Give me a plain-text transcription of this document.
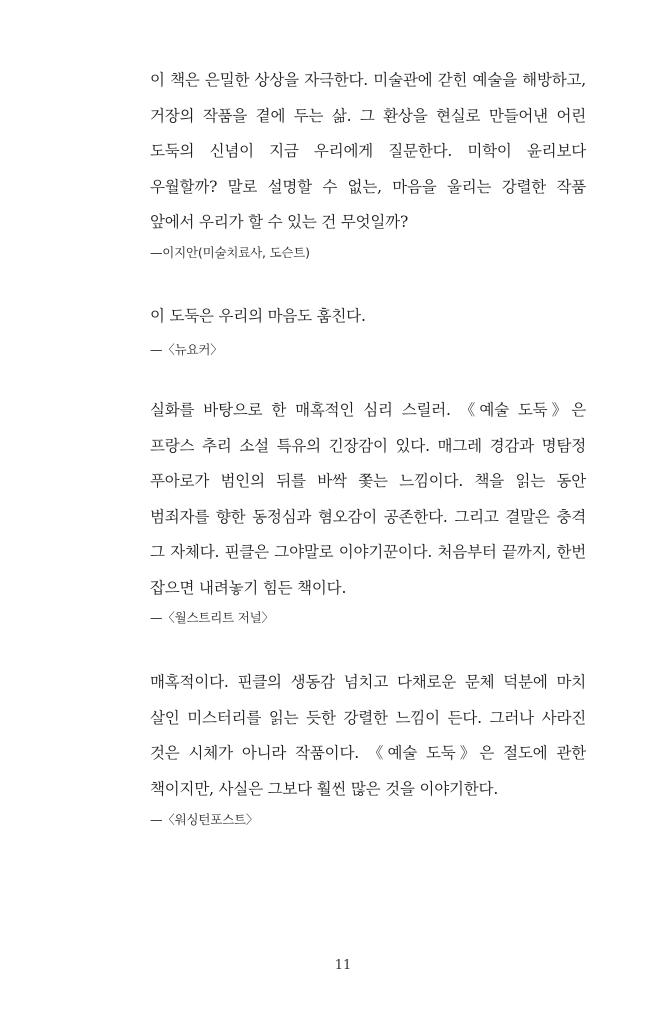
이 책은 은밀한 상상을 자극한다. 미술관에 갇힌 예술을 해방하고, 거장의 작품을 곁에 두는 삶. 그 환상을 현실로 만들어낸 어린 도둑의 신념이 지금 우리에게 질문한다. 미학이 윤리보다 우월할까? 말로 설명할 수 없는, 마음을 울리는 강렬한 작품 앞에서 우리가 할 수 있는 건 무엇일까?

—이지안(미술치료사, 도슨트)

이 도둑은 우리의 마음도 훔친다.

—〈뉴요커〉

실화를 바탕으로 한 매혹적인 심리 스릴러. 《예술 도둑》은 프랑스 추리 소설 특유의 긴장감이 있다. 매그레 경감과 명탐정 푸아로가 범인의 뒤를 바싹 쫓는 느낌이다. 책을 읽는 동안 범죄자를 향한 동정심과 혐오감이 공존한다. 그리고 결말은 충격 그 자체다. 핀클은 그야말로 이야기꾼이다. 처음부터 끝까지, 한번 잡으면 내려놓기 힘든 책이다.

—〈월스트리트 저널〉

매혹적이다. 핀클의 생동감 넘치고 다채로운 문체 덕분에 마치 살인 미스터리를 읽는 듯한 강렬한 느낌이 든다. 그러나 사라진 것은 시체가 아니라 작품이다. 《예술 도둑》은 절도에 관한 책이지만, 사실은 그보다 훨씬 많은 것을 이야기한다.

—〈워싱턴포스트〉

11
